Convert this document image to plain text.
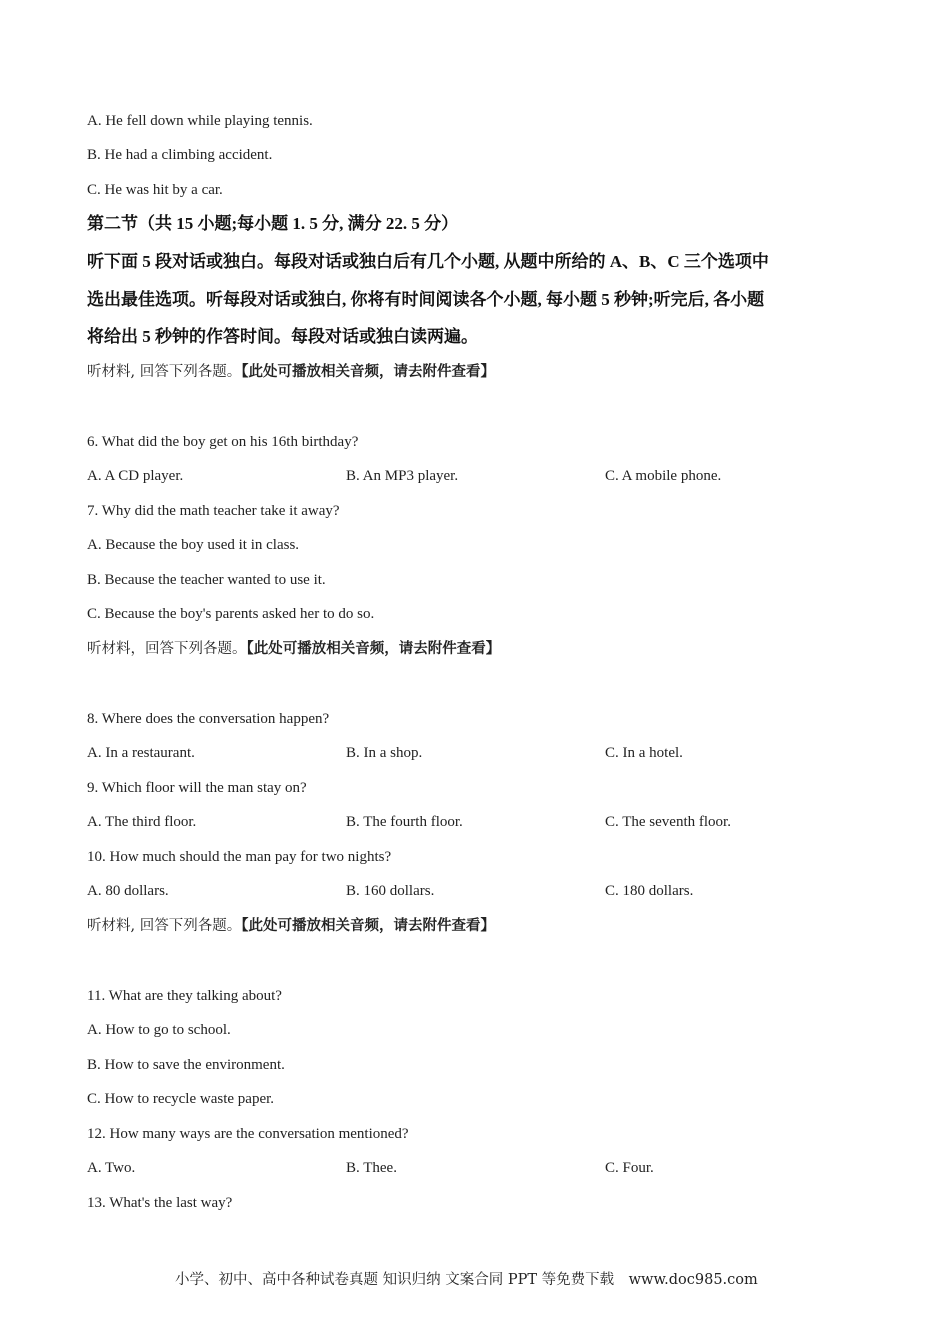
A. He fell down while playing tennis.
B. He had a climbing accident.
C. He was hit by a car.
第二节（共 15 小题;每小题 1. 5 分, 满分 22. 5 分）
听下面 5 段对话或独白。每段对话或独白后有几个小题, 从题中所给的 A、B、C 三个选项中
选出最佳选项。听每段对话或独白, 你将有时间阅读各个小题, 每小题 5 秒钟;听完后, 各小题
将给出 5 秒钟的作答时间。每段对话或独白读两遍。
听材料, 回答下列各题。【此处可播放相关音频，请去附件查看】
6. What did the boy get on his 16th birthday?
A. A CD player.	B. An MP3 player.	C. A mobile phone.
7. Why did the math teacher take it away?
A. Because the boy used it in class.
B. Because the teacher wanted to use it.
C. Because the boy's parents asked her to do so.
听材料，回答下列各题。【此处可播放相关音频，请去附件查看】
8. Where does the conversation happen?
A. In a restaurant.	B. In a shop.	C. In a hotel.
9. Which floor will the man stay on?
A. The third floor.	B. The fourth floor.	C. The seventh floor.
10. How much should the man pay for two nights?
A. 80 dollars.	B. 160 dollars.	C. 180 dollars.
听材料, 回答下列各题。【此处可播放相关音频，请去附件查看】
11. What are they talking about?
A. How to go to school.
B. How to save the environment.
C. How to recycle waste paper.
12. How many ways are the conversation mentioned?
A. Two.	B. Thee.	C. Four.
13. What's the last way?
小学、初中、高中各种试卷真题 知识归纳 文案合同 PPT 等免费下载　www.doc985.com
